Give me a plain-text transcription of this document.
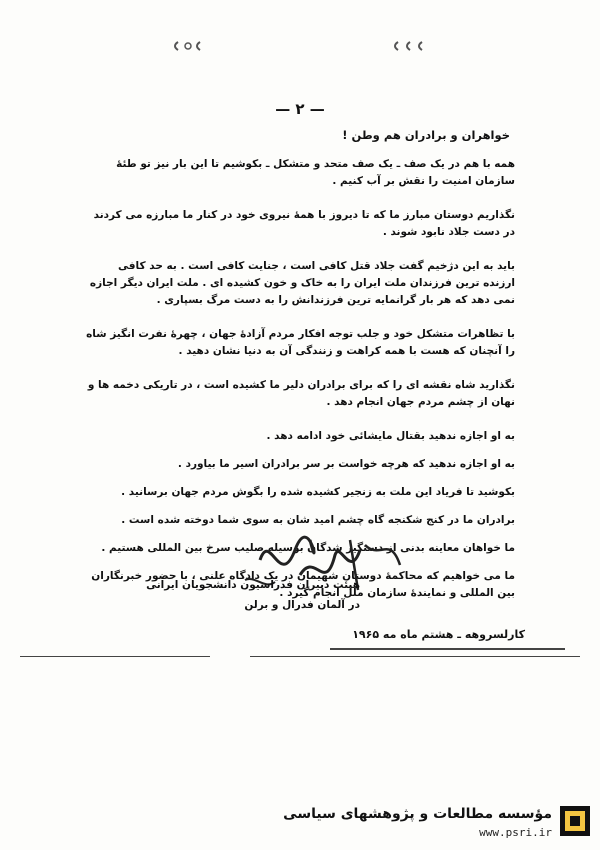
— ۲ —
خواهران و برادران هم وطن !

همه با هم در یک صف ـ یک صف متحد و متشکل ـ بکوشیم تا این بار نیز تو طئهٔ سازمان امنیت را نقش بر آب کنیم .

نگذاریم دوستان مبارز ما که تا دیروز با همهٔ نیروی خود در کنار ما مبارزه می کردند در دست جلاد نابود شوند .

باید به این دژخیم گفت جلاد قتل کافی است ، جنایت کافی است . به حد کافی ارزنده ترین فرزندان ملت ایران را به خاک و خون کشیده ای . ملت ایران دیگر اجازه نمی دهد که هر بار گرانمایه ترین فرزندانش را به دست مرگ بسپاری .

با تظاهرات متشکل خود و جلب توجه افکار مردم آزادهٔ جهان ، چهرهٔ نفرت انگیز شاه را آنچنان که هست با همه کراهت و زنندگی آن به دنیا نشان دهید .

نگذارید شاه نقشه ای را که برای برادران دلیر ما کشیده است ، در تاریکی دخمه ها و نهان از چشم مردم جهان انجام دهد .

به او اجازه ندهید بقتال مایشائی خود ادامه دهد .

به او اجازه ندهید که هرچه خواست بر سر برادران اسیر ما بیاورد .

بکوشید تا فریاد این ملت به زنجیر کشیده شده را بگوش مردم جهان برسانید .

برادران ما در کنج شکنجه گاه چشم امید شان به سوی شما دوخته شده است .

ما خواهان معاینه بدنی از دستگیر شدگان بوسیله صلیب سرخ بین المللی هستیم .

ما می خواهیم که محاکمهٔ دوستان شهیمان در یک دادگاه علنی ، با حضور خبرنگاران بین المللی و نمایندهٔ سازمان ملل انجام گیرد .

هیئت دبیران فدراسیون دانشجویان ایرانی
در آلمان فدرال و برلن
کارلسروهه ـ هشتم ماه مه ۱۹۶۵
مؤسسه مطالعات و پژوهشهای سیاسی
www.psri.ir
